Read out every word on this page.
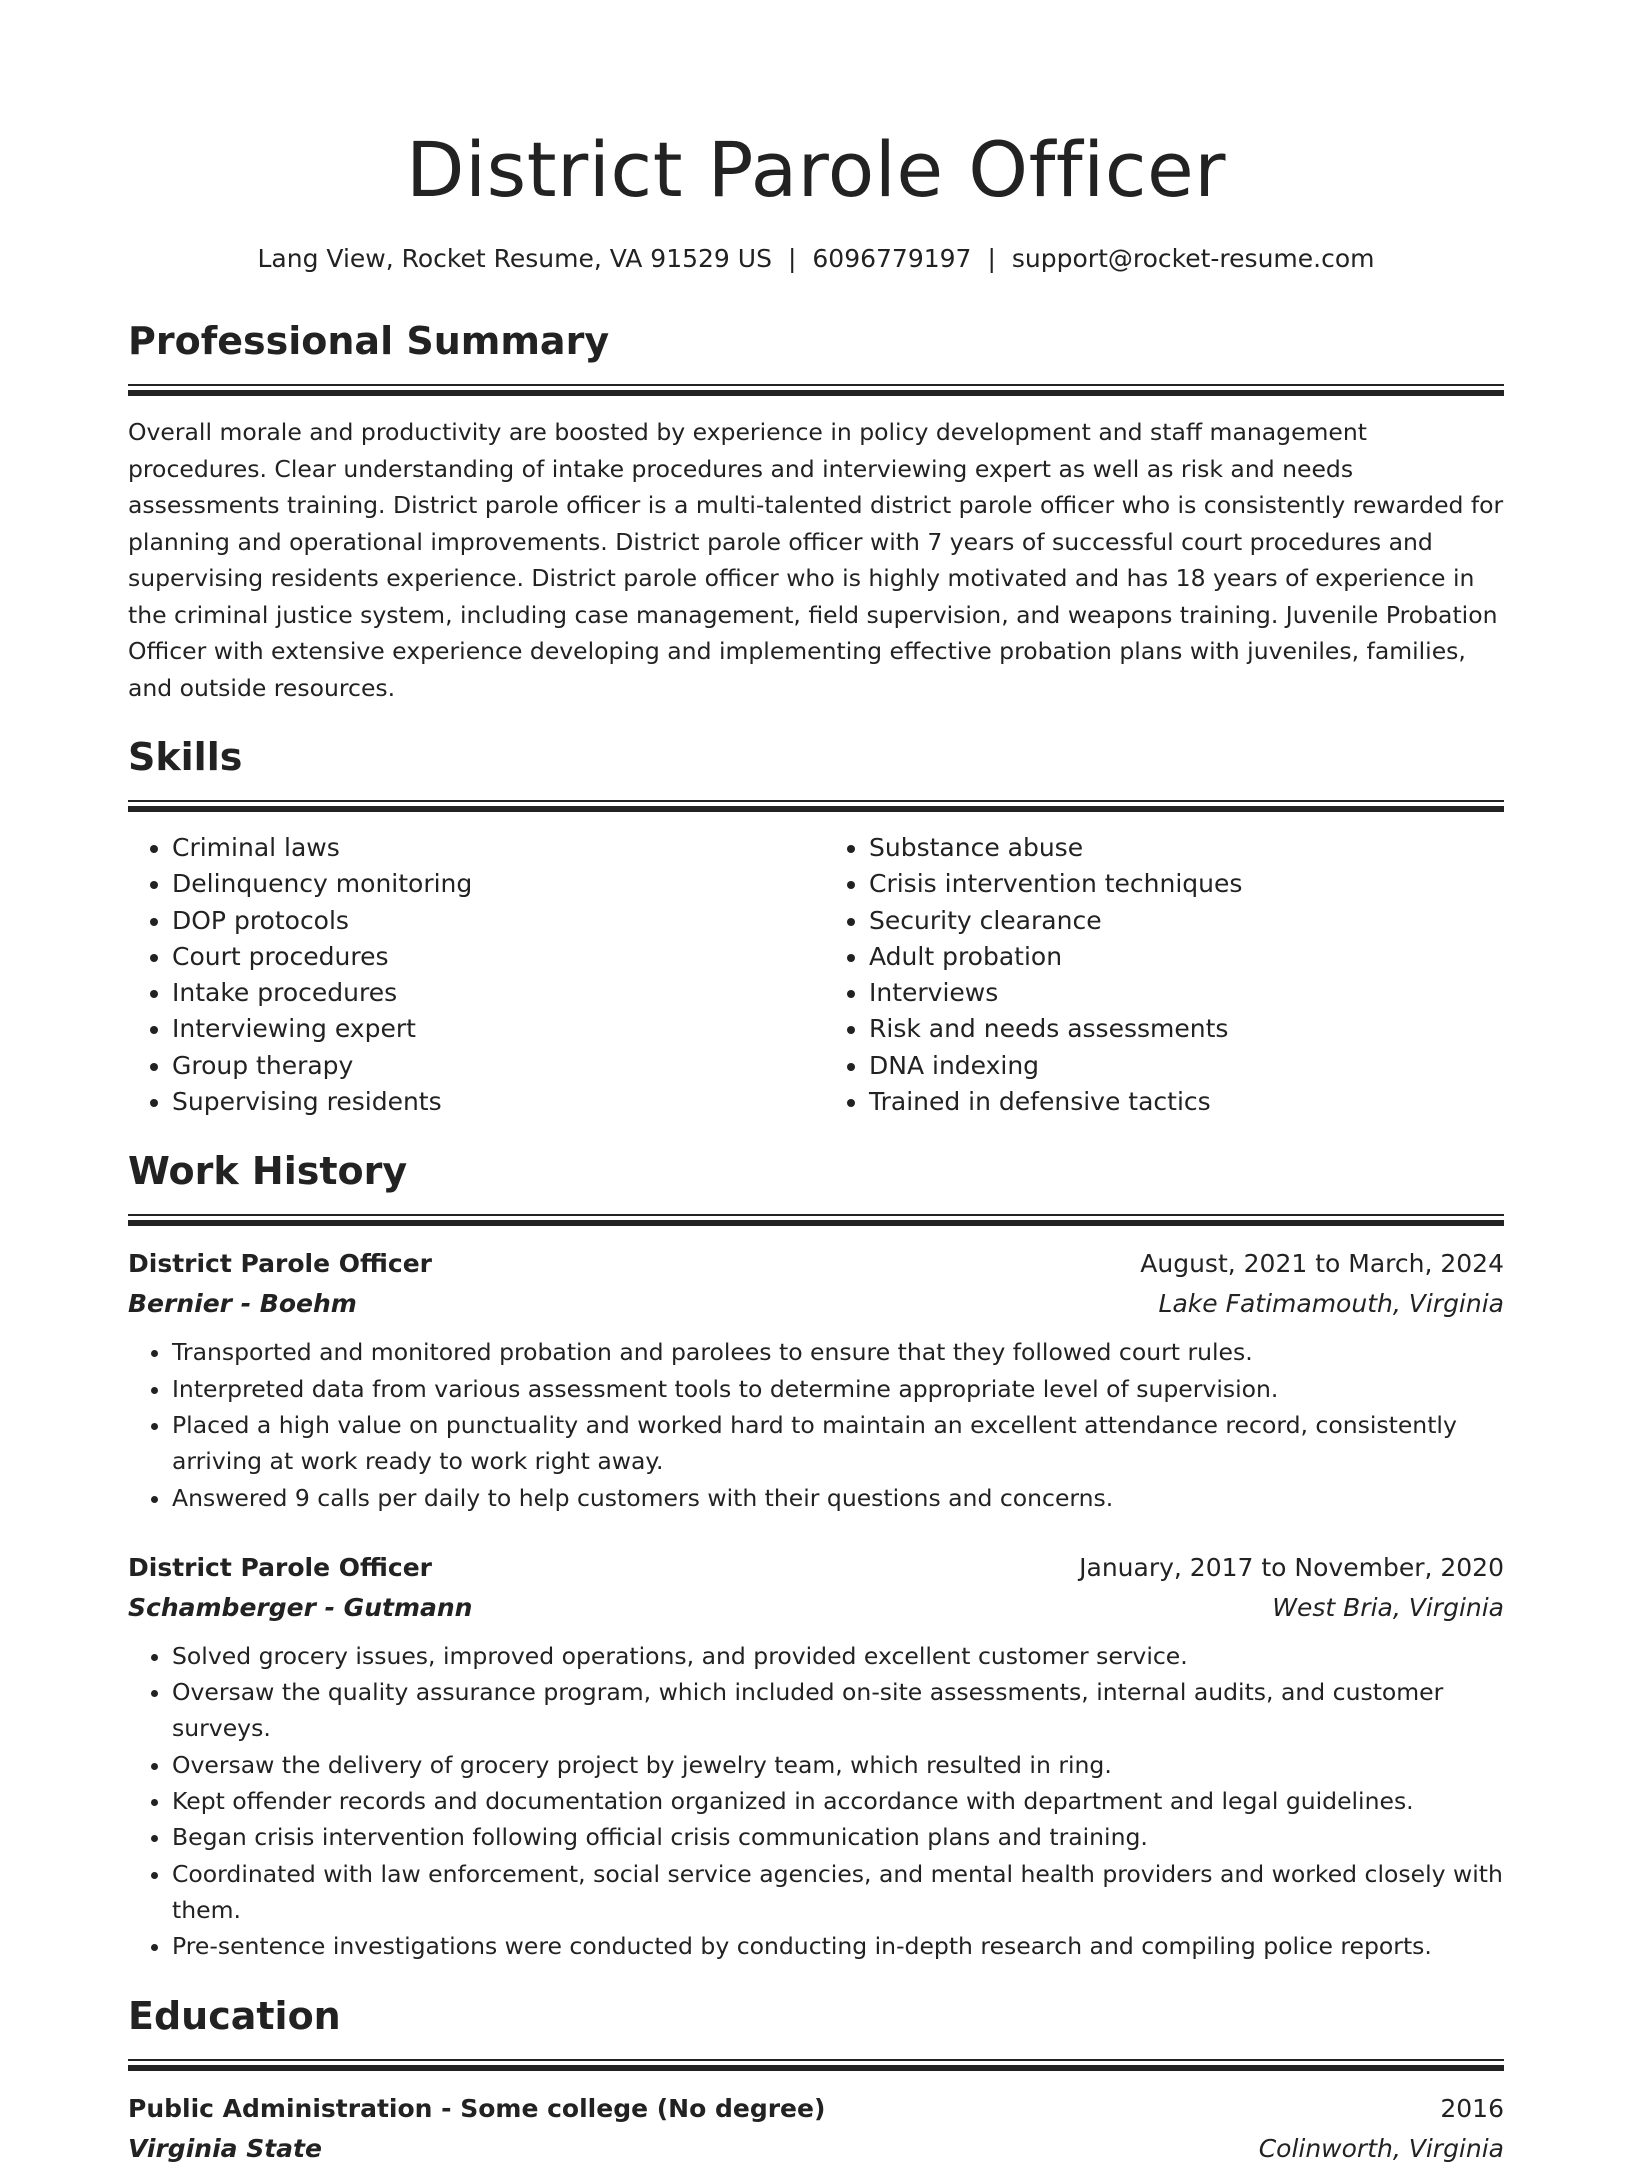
District Parole Officer
Lang View, Rocket Resume, VA 91529 US | 6096779197 | support@rocket-resume.com
Professional Summary

Overall morale and productivity are boosted by experience in policy development and staff management procedures. Clear understanding of intake procedures and interviewing expert as well as risk and needs assessments training. District parole officer is a multi-talented district parole officer who is consistently rewarded for planning and operational improvements. District parole officer with 7 years of successful court procedures and supervising residents experience. District parole officer who is highly motivated and has 18 years of experience in the criminal justice system, including case management, field supervision, and weapons training. Juvenile Probation Officer with extensive experience developing and implementing effective probation plans with juveniles, families, and outside resources.

Skills
• Criminal laws
• Delinquency monitoring
• DOP protocols
• Court procedures
• Intake procedures
• Interviewing expert
• Group therapy
• Supervising residents
• Substance abuse
• Crisis intervention techniques
• Security clearance
• Adult probation
• Interviews
• Risk and needs assessments
• DNA indexing
• Trained in defensive tactics
Work History
District Parole Officer	August, 2021 to March, 2024
Bernier - Boehm	Lake Fatimamouth, Virginia
• Transported and monitored probation and parolees to ensure that they followed court rules.
• Interpreted data from various assessment tools to determine appropriate level of supervision.
• Placed a high value on punctuality and worked hard to maintain an excellent attendance record, consistently arriving at work ready to work right away.
• Answered 9 calls per daily to help customers with their questions and concerns.
District Parole Officer	January, 2017 to November, 2020
Schamberger - Gutmann	West Bria, Virginia
• Solved grocery issues, improved operations, and provided excellent customer service.
• Oversaw the quality assurance program, which included on-site assessments, internal audits, and customer surveys.
• Oversaw the delivery of grocery project by jewelry team, which resulted in ring.
• Kept offender records and documentation organized in accordance with department and legal guidelines.
• Began crisis intervention following official crisis communication plans and training.
• Coordinated with law enforcement, social service agencies, and mental health providers and worked closely with them.
• Pre-sentence investigations were conducted by conducting in-depth research and compiling police reports.
Education
Public Administration - Some college (No degree)	2016
Virginia State	Colinworth, Virginia
